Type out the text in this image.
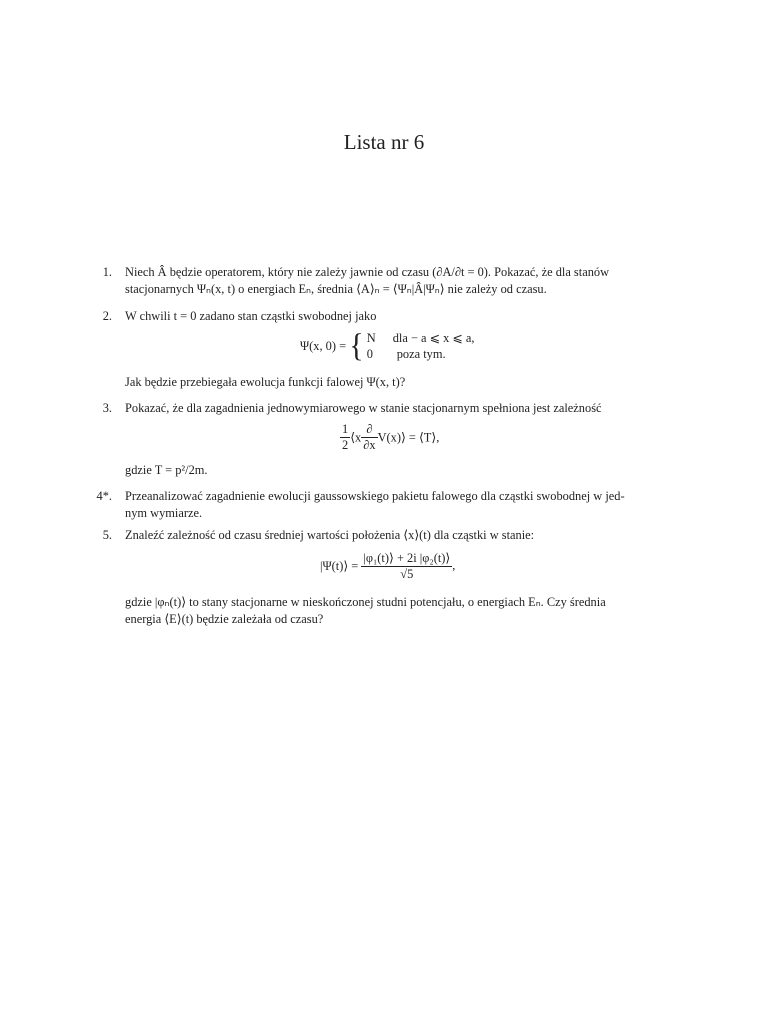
Lista nr 6
1. Niech Â będzie operatorem, który nie zależy jawnie od czasu (∂A/∂t = 0). Pokazać, że dla stanów
stacjonarnych Ψₙ(x, t) o energiach Eₙ, średnia ⟨A⟩ₙ = ⟨Ψₙ|Â|Ψₙ⟩ nie zależy od czasu.
2. W chwili t = 0 zadano stan cząstki swobodnej jako
Ψ(x, 0) = { N dla − a ⩽ x ⩽ a,
0 poza tym.
Jak będzie przebiegała ewolucja funkcji falowej Ψ(x, t)?
3. Pokazać, że dla zagadnienia jednowymiarowego w stanie stacjonarnym spełniona jest zależność
$\frac{1}{2}$ ⟨x $\frac{\partial}{\partial x}$ V(x)⟩ = ⟨T⟩,
gdzie T = p²/2m.
4*. Przeanalizować zagadnienie ewolucji gaussowskiego pakietu falowego dla cząstki swobodnej w jed-
nym wymiarze.
5. Znaleźć zależność od czasu średniej wartości położenia ⟨x⟩(t) dla cząstki w stanie:
|Ψ(t)⟩ = $\frac{\text{|φ₁(t)⟩ + 2i |φ₂(t)⟩}}{√5}$ ,
gdzie |φₙ(t)⟩ to stany stacjonarne w nieskończonej studni potencjału, o energiach Eₙ. Czy średnia
energia ⟨E⟩(t) będzie zależała od czasu?
